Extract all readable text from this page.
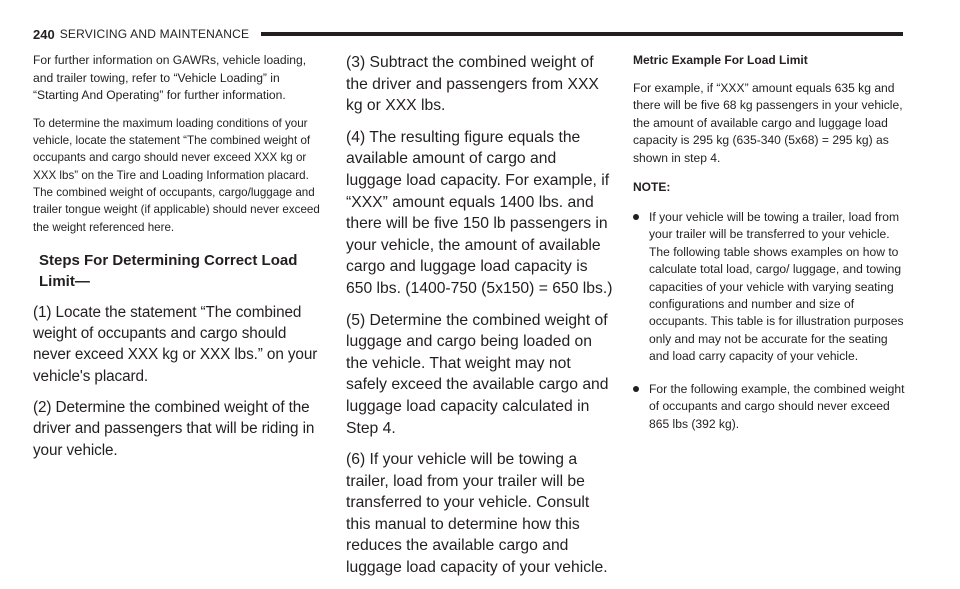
240 SERVICING AND MAINTENANCE

For further information on GAWRs, vehicle loading, and trailer towing, refer to “Vehicle Loading” in “Starting And Operating” for further information.

To determine the maximum loading conditions of your vehicle, locate the statement “The combined weight of occupants and cargo should never exceed XXX kg or XXX lbs” on the Tire and Loading Information placard. The combined weight of occupants, cargo/luggage and trailer tongue weight (if applicable) should never exceed the weight referenced here.

Steps For Determining Correct Load Limit—

(1) Locate the statement “The combined weight of occupants and cargo should never exceed XXX kg or XXX lbs.” on your vehicle's placard.

(2) Determine the combined weight of the driver and passengers that will be riding in your vehicle.

(3) Subtract the combined weight of the driver and passengers from XXX kg or XXX lbs.

(4) The resulting figure equals the available amount of cargo and luggage load capacity. For example, if “XXX” amount equals 1400 lbs. and there will be five 150 lb passengers in your vehicle, the amount of available cargo and luggage load capacity is 650 lbs. (1400-750 (5x150) = 650 lbs.)

(5) Determine the combined weight of luggage and cargo being loaded on the vehicle. That weight may not safely exceed the available cargo and luggage load capacity calculated in Step 4.

(6) If your vehicle will be towing a trailer, load from your trailer will be transferred to your vehicle. Consult this manual to determine how this reduces the available cargo and luggage load capacity of your vehicle.

Metric Example For Load Limit

For example, if “XXX” amount equals 635 kg and there will be five 68 kg passengers in your vehicle, the amount of available cargo and luggage load capacity is 295 kg (635-340 (5x68) = 295 kg) as shown in step 4.

NOTE:

If your vehicle will be towing a trailer, load from your trailer will be transferred to your vehicle. The following table shows examples on how to calculate total load, cargo/ luggage, and towing capacities of your vehicle with varying seating configurations and number and size of occupants. This table is for illustration purposes only and may not be accurate for the seating and load carry capacity of your vehicle.
For the following example, the combined weight of occupants and cargo should never exceed 865 lbs (392 kg).
